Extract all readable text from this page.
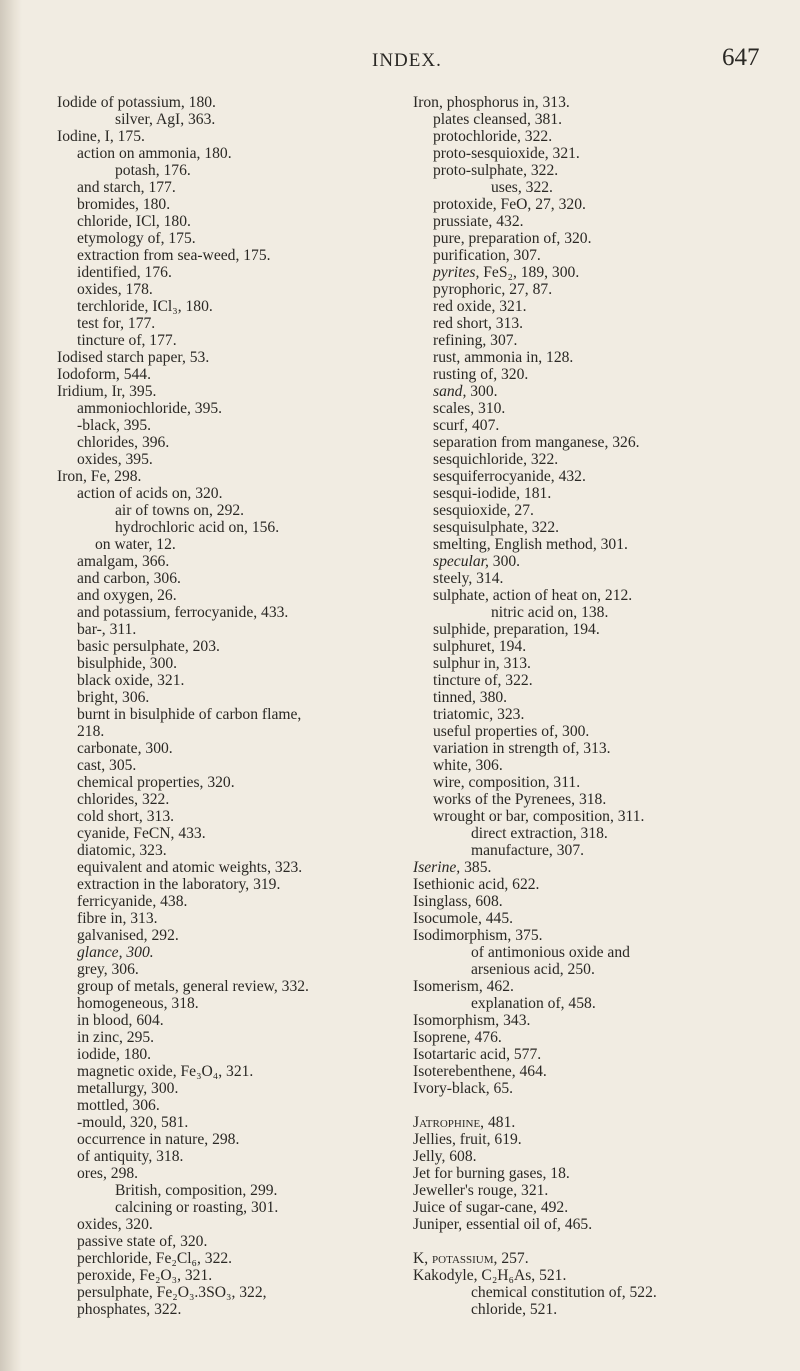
INDEX.	647
Iodide of potassium, 180.
silver, AgI, 363.
Iodine, I, 175.
action on ammonia, 180.
potash, 176.
and starch, 177.
bromides, 180.
chloride, ICl, 180.
etymology of, 175.
extraction from sea-weed, 175.
identified, 176.
oxides, 178.
terchloride, ICl₃, 180.
test for, 177.
tincture of, 177.
Iodised starch paper, 53.
Iodoform, 544.
Iridium, Ir, 395.
ammoniochloride, 395.
-black, 395.
chlorides, 396.
oxides, 395.
Iron, Fe, 298.
action of acids on, 320.
air of towns on, 292.
hydrochloric acid on, 156.
on water, 12.
amalgam, 366.
and carbon, 306.
and oxygen, 26.
and potassium, ferrocyanide, 433.
bar-, 311.
basic persulphate, 203.
bisulphide, 300.
black oxide, 321.
bright, 306.
burnt in bisulphide of carbon flame,
218.
carbonate, 300.
cast, 305.
chemical properties, 320.
chlorides, 322.
cold short, 313.
cyanide, FeCN, 433.
diatomic, 323.
equivalent and atomic weights, 323.
extraction in the laboratory, 319.
ferricyanide, 438.
fibre in, 313.
galvanised, 292.
glance, 300.
grey, 306.
group of metals, general review, 332.
homogeneous, 318.
in blood, 604.
in zinc, 295.
iodide, 180.
magnetic oxide, Fe₃O₄, 321.
metallurgy, 300.
mottled, 306.
-mould, 320, 581.
occurrence in nature, 298.
of antiquity, 318.
ores, 298.
British, composition, 299.
calcining or roasting, 301.
oxides, 320.
passive state of, 320.
perchloride, Fe₂Cl₆, 322.
peroxide, Fe₂O₃, 321.
persulphate, Fe₂O₃.3SO₃, 322,
phosphates, 322.
Iron, phosphorus in, 313.
plates cleansed, 381.
protochloride, 322.
proto-sesquioxide, 321.
proto-sulphate, 322.
uses, 322.
protoxide, FeO, 27, 320.
prussiate, 432.
pure, preparation of, 320.
purification, 307.
pyrites, FeS₂, 189, 300.
pyrophoric, 27, 87.
red oxide, 321.
red short, 313.
refining, 307.
rust, ammonia in, 128.
rusting of, 320.
sand, 300.
scales, 310.
scurf, 407.
separation from manganese, 326.
sesquichloride, 322.
sesquiferrocyanide, 432.
sesqui-iodide, 181.
sesquioxide, 27.
sesquisulphate, 322.
smelting, English method, 301.
specular, 300.
steely, 314.
sulphate, action of heat on, 212.
nitric acid on, 138.
sulphide, preparation, 194.
sulphuret, 194.
sulphur in, 313.
tincture of, 322.
tinned, 380.
triatomic, 323.
useful properties of, 300.
variation in strength of, 313.
white, 306.
wire, composition, 311.
works of the Pyrenees, 318.
wrought or bar, composition, 311.
direct extraction, 318.
manufacture, 307.
Iserine, 385.
Isethionic acid, 622.
Isinglass, 608.
Isocumole, 445.
Isodimorphism, 375.
of antimonious oxide and
arsenious acid, 250.
Isomerism, 462.
explanation of, 458.
Isomorphism, 343.
Isoprene, 476.
Isotartaric acid, 577.
Isoterebenthene, 464.
Ivory-black, 65.
Jatrophine, 481.
Jellies, fruit, 619.
Jelly, 608.
Jet for burning gases, 18.
Jeweller's rouge, 321.
Juice of sugar-cane, 492.
Juniper, essential oil of, 465.
K, potassium, 257.
Kakodyle, C₂H₆As, 521.
chemical constitution of, 522.
chloride, 521.
